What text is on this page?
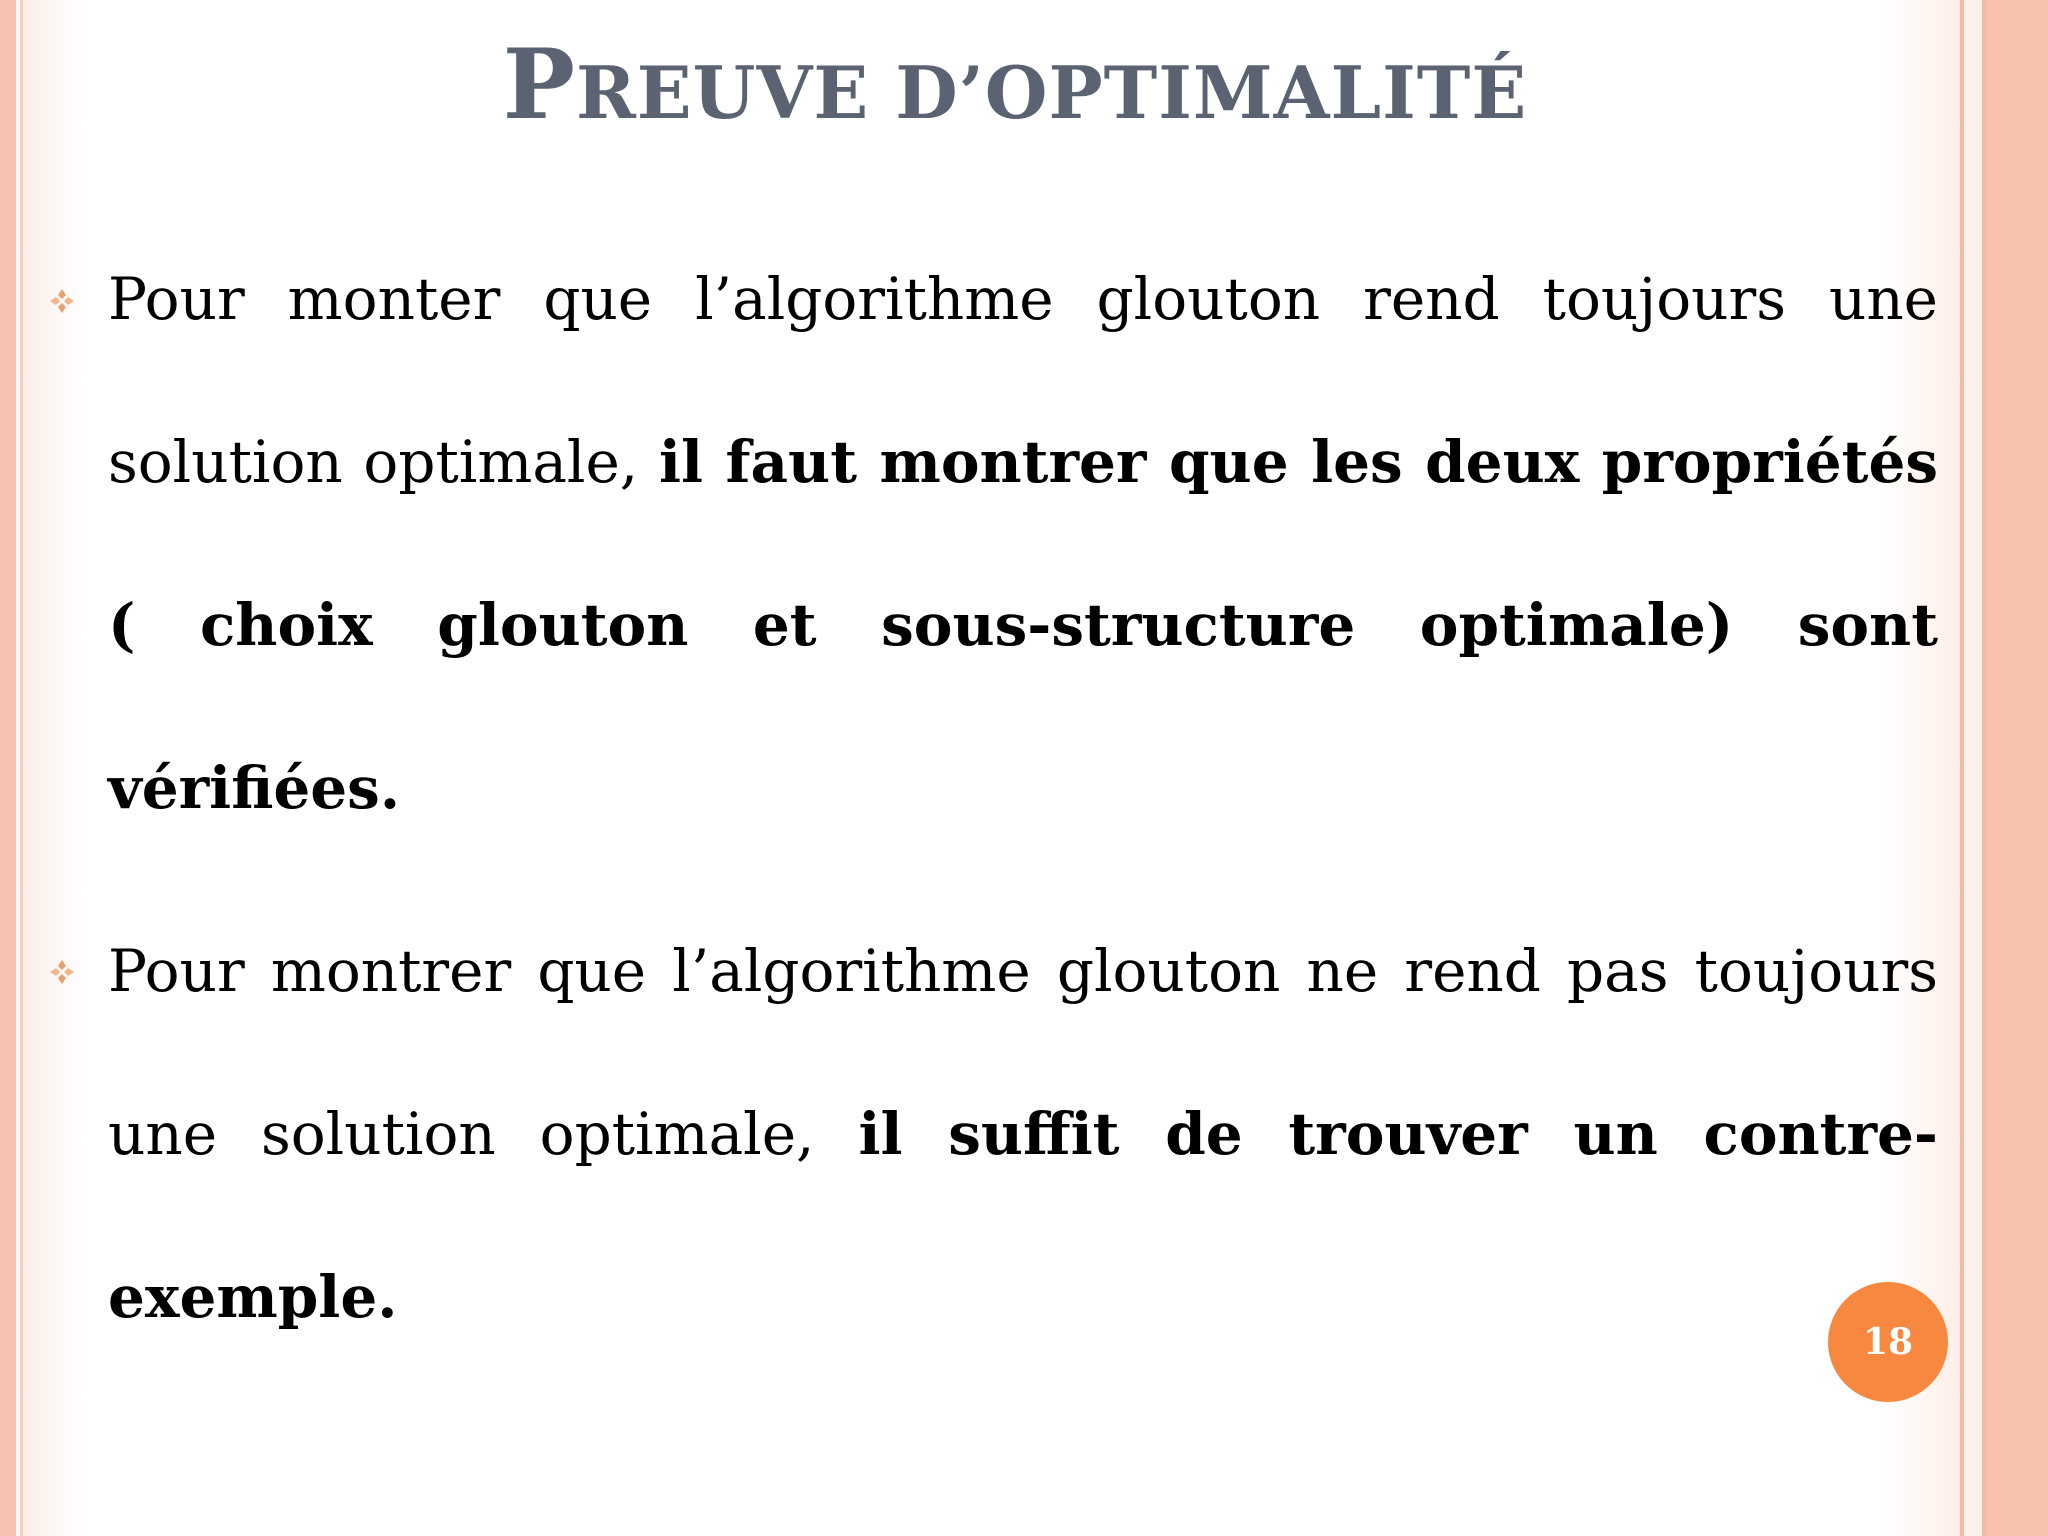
PREUVE D’OPTIMALITÉ
Pour monter que l’algorithme glouton rend toujours une solution optimale, il faut montrer que les deux propriétés ( choix glouton et sous-structure optimale) sont vérifiées.
Pour montrer que l’algorithme glouton ne rend pas toujours une solution optimale, il suffit de trouver un contre-exemple.
18
